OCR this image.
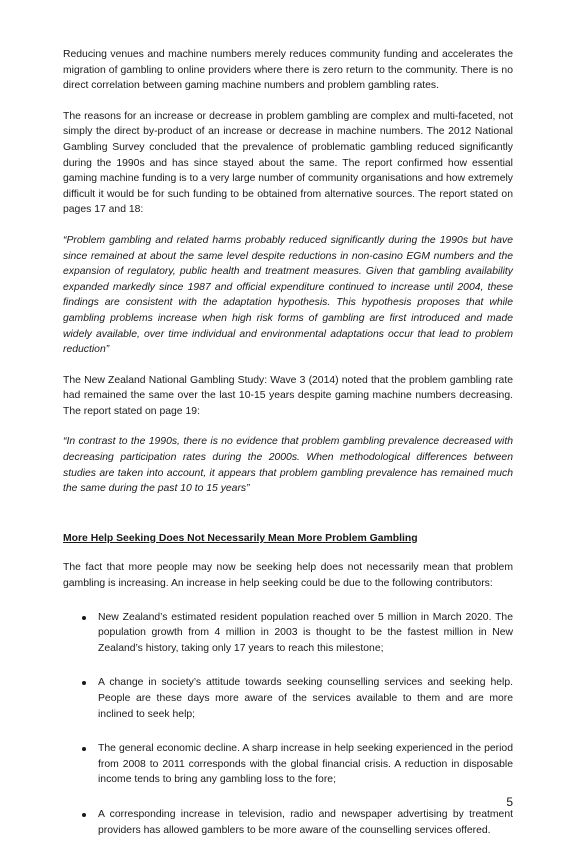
Reducing venues and machine numbers merely reduces community funding and accelerates the migration of gambling to online providers where there is zero return to the community. There is no direct correlation between gaming machine numbers and problem gambling rates.

The reasons for an increase or decrease in problem gambling are complex and multi-faceted, not simply the direct by-product of an increase or decrease in machine numbers. The 2012 National Gambling Survey concluded that the prevalence of problematic gambling reduced significantly during the 1990s and has since stayed about the same. The report confirmed how essential gaming machine funding is to a very large number of community organisations and how extremely difficult it would be for such funding to be obtained from alternative sources. The report stated on pages 17 and 18:

“Problem gambling and related harms probably reduced significantly during the 1990s but have since remained at about the same level despite reductions in non-casino EGM numbers and the expansion of regulatory, public health and treatment measures. Given that gambling availability expanded markedly since 1987 and official expenditure continued to increase until 2004, these findings are consistent with the adaptation hypothesis. This hypothesis proposes that while gambling problems increase when high risk forms of gambling are first introduced and made widely available, over time individual and environmental adaptations occur that lead to problem reduction”

The New Zealand National Gambling Study: Wave 3 (2014) noted that the problem gambling rate had remained the same over the last 10-15 years despite gaming machine numbers decreasing. The report stated on page 19:

“In contrast to the 1990s, there is no evidence that problem gambling prevalence decreased with decreasing participation rates during the 2000s. When methodological differences between studies are taken into account, it appears that problem gambling prevalence has remained much the same during the past 10 to 15 years”

More Help Seeking Does Not Necessarily Mean More Problem Gambling

The fact that more people may now be seeking help does not necessarily mean that problem gambling is increasing. An increase in help seeking could be due to the following contributors:

New Zealand’s estimated resident population reached over 5 million in March 2020. The population growth from 4 million in 2003 is thought to be the fastest million in New Zealand’s history, taking only 17 years to reach this milestone;
A change in society’s attitude towards seeking counselling services and seeking help. People are these days more aware of the services available to them and are more inclined to seek help;
The general economic decline. A sharp increase in help seeking experienced in the period from 2008 to 2011 corresponds with the global financial crisis. A reduction in disposable income tends to bring any gambling loss to the fore;
A corresponding increase in television, radio and newspaper advertising by treatment providers has allowed gamblers to be more aware of the counselling services offered.
5
